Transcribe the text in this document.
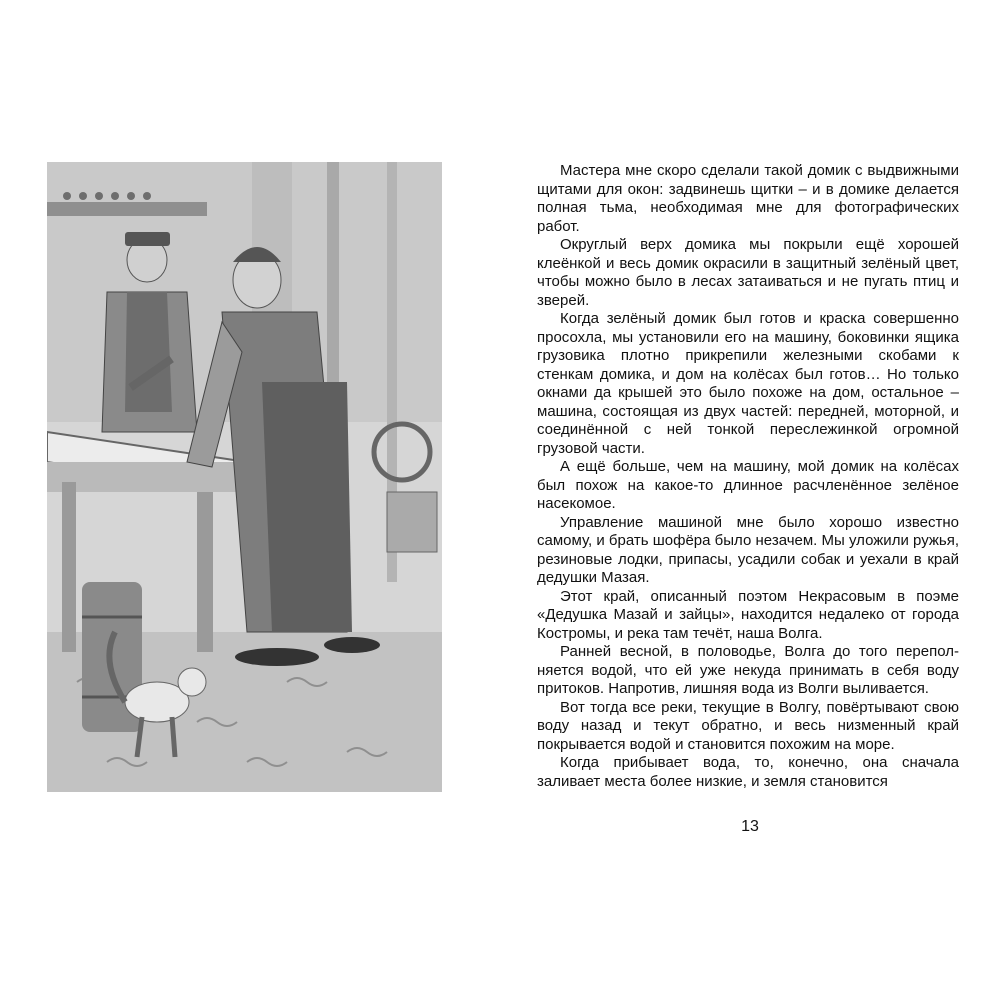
Мастера мне скоро сделали такой домик с выдвижными щитами для окон: задвинешь щитки – и в домике делается полная тьма, необходимая мне для фотографических работ.

Округлый верх домика мы покрыли ещё хорошей клеёнкой и весь домик окрасили в защитный зелёный цвет, чтобы можно было в лесах затаиваться и не пугать птиц и зверей.

Когда зелёный домик был готов и краска совершенно просохла, мы установили его на машину, боковинки ящика грузовика плотно прикрепили железными скобами к стенкам домика, и дом на колёсах был готов… Но только окнами да крышей это было похоже на дом, остальное – машина, состоящая из двух частей: передней, моторной, и соединённой с ней тонкой переслежинкой огромной грузовой части.

А ещё больше, чем на машину, мой домик на колёсах был похож на какое-то длинное расчленённое зелёное насекомое.

Управление машиной мне было хорошо известно самому, и брать шофёра было незачем. Мы уложили ружья, резиновые лодки, припасы, усадили собак и уехали в край дедушки Мазая.

Этот край, описанный поэтом Некрасовым в поэме «Дедушка Мазай и зайцы», находится недалеко от города Костромы, и река там течёт, наша Волга.

Ранней весной, в половодье, Волга до того переполняется водой, что ей уже некуда принимать в себя воду притоков. Напротив, лишняя вода из Волги выливается.

Вот тогда все реки, текущие в Волгу, повёртывают свою воду назад и текут обратно, и весь низменный край покрывается водой и становится похожим на море.

Когда прибывает вода, то, конечно, она сначала заливает места более низкие, и земля становится

13
